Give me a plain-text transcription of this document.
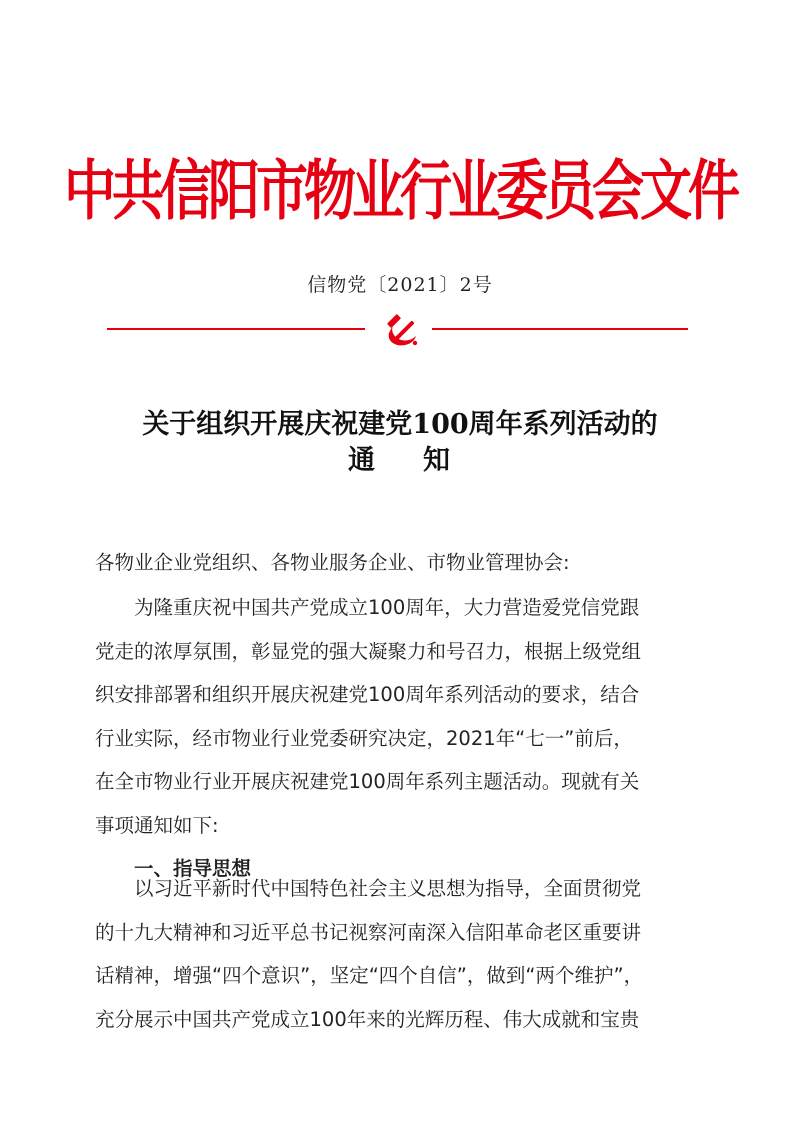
中共信阳市物业行业委员会文件
信物党〔2021〕2号
关于组织开展庆祝建党100周年系列活动的
通 知
各物业企业党组织、各物业服务企业、市物业管理协会:
为隆重庆祝中国共产党成立100周年，大力营造爱党信党跟
党走的浓厚氛围，彰显党的强大凝聚力和号召力，根据上级党组
织安排部署和组织开展庆祝建党100周年系列活动的要求，结合
行业实际，经市物业行业党委研究决定，2021年“七一”前后，
在全市物业行业开展庆祝建党100周年系列主题活动。现就有关
事项通知如下:
一、指导思想
以习近平新时代中国特色社会主义思想为指导，全面贯彻党
的十九大精神和习近平总书记视察河南深入信阳革命老区重要讲
话精神，增强“四个意识”，坚定“四个自信”，做到“两个维护”，
充分展示中国共产党成立100年来的光辉历程、伟大成就和宝贵
